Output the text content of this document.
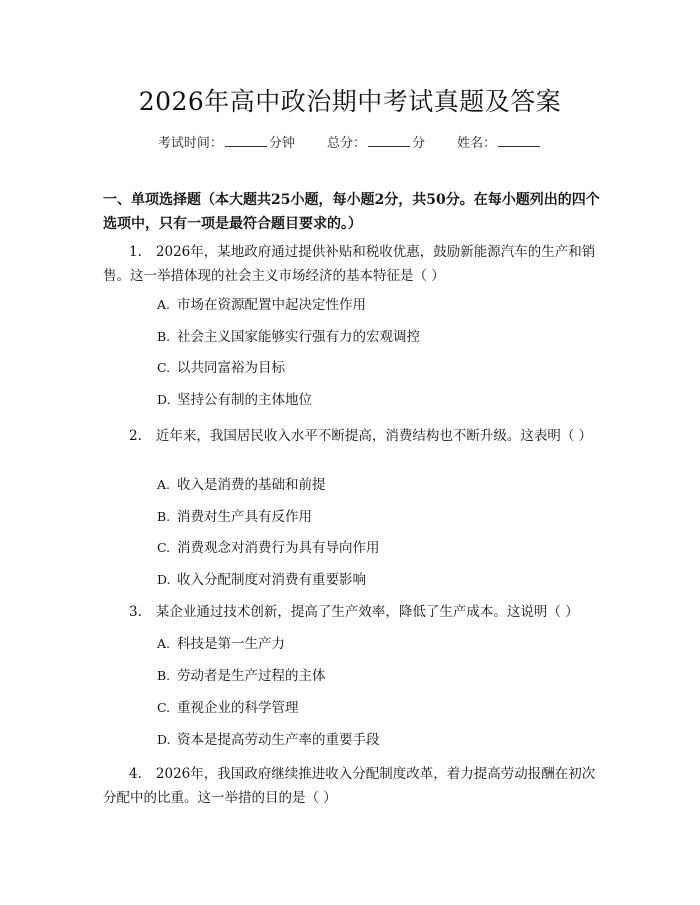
2026年高中政治期中考试真题及答案
考试时间：	分钟 总分：	分 姓名：
一、单项选择题（本大题共25小题，每小题2分，共50分。在每小题列出的四个选项中，只有一项是最符合题目要求的。）
1. 2026年，某地政府通过提供补贴和税收优惠，鼓励新能源汽车的生产和销售。这一举措体现的社会主义市场经济的基本特征是（ ）
A. 市场在资源配置中起决定性作用
B. 社会主义国家能够实行强有力的宏观调控
C. 以共同富裕为目标
D. 坚持公有制的主体地位
2. 近年来，我国居民收入水平不断提高，消费结构也不断升级。这表明（ ）
A. 收入是消费的基础和前提
B. 消费对生产具有反作用
C. 消费观念对消费行为具有导向作用
D. 收入分配制度对消费有重要影响
3. 某企业通过技术创新，提高了生产效率，降低了生产成本。这说明（ ）
A. 科技是第一生产力
B. 劳动者是生产过程的主体
C. 重视企业的科学管理
D. 资本是提高劳动生产率的重要手段
4. 2026年，我国政府继续推进收入分配制度改革，着力提高劳动报酬在初次分配中的比重。这一举措的目的是（ ）
